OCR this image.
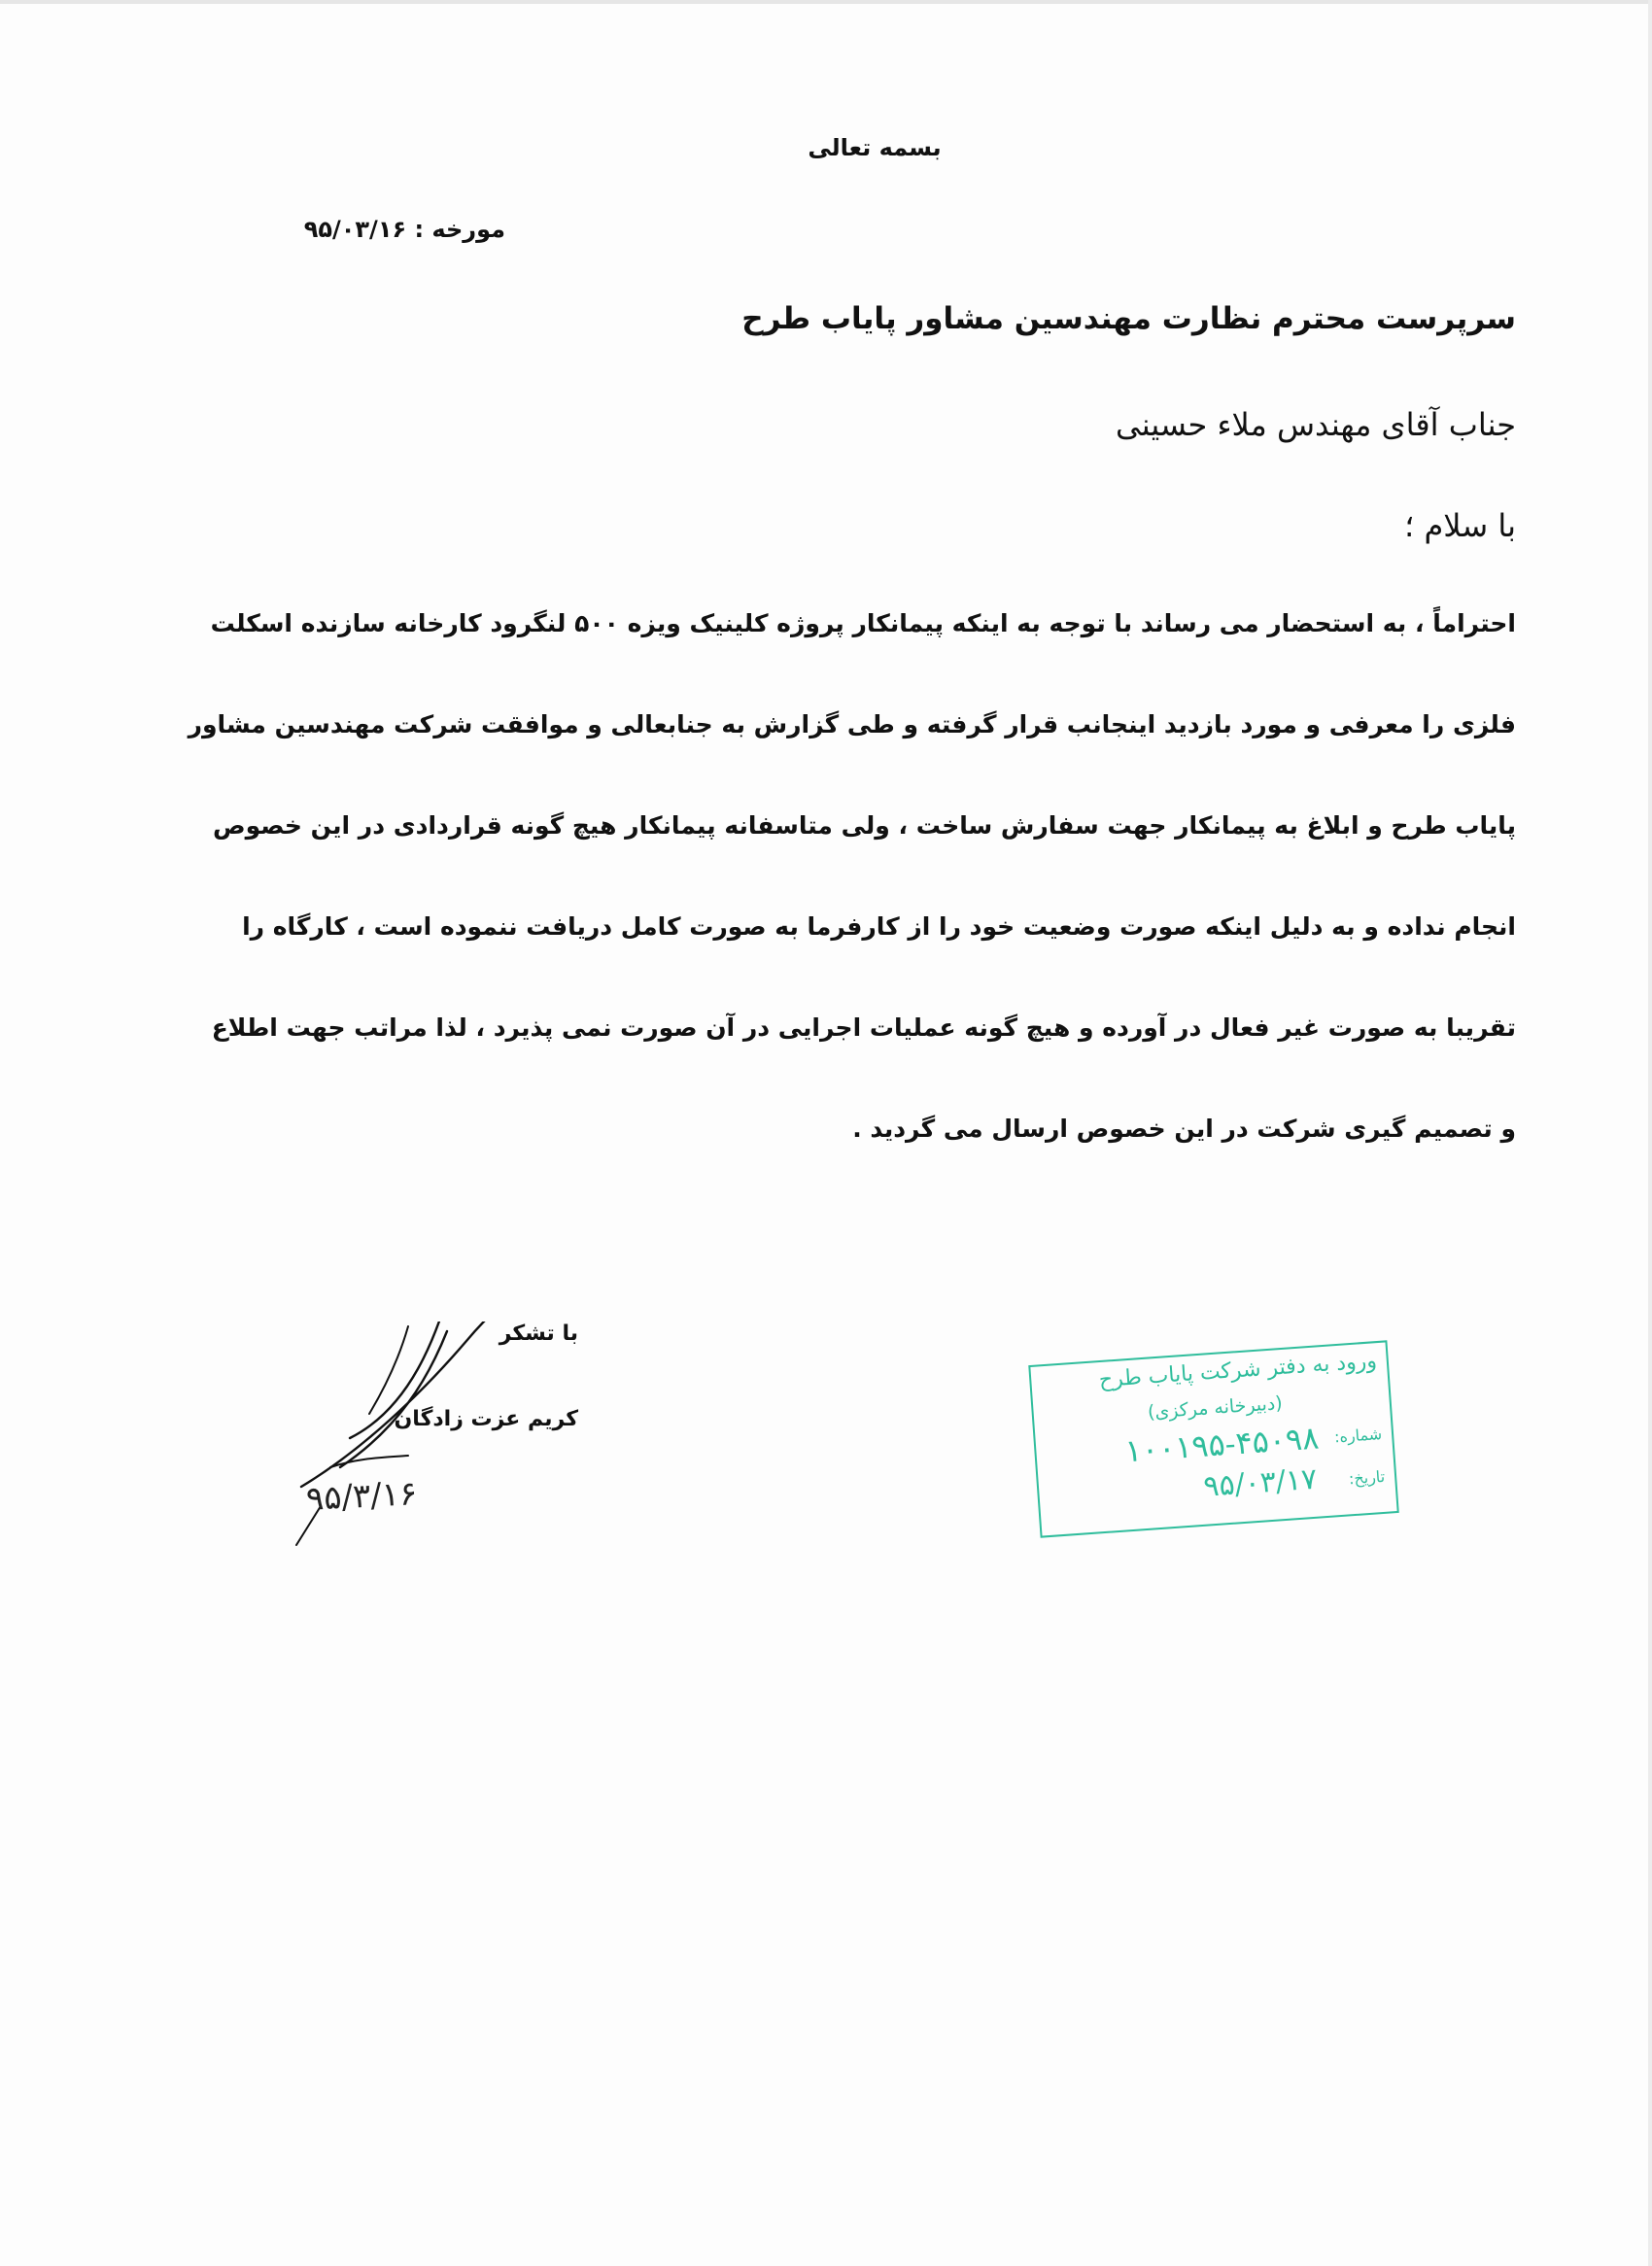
بسمه تعالی
مورخه : ۹۵/۰۳/۱۶
سرپرست محترم نظارت مهندسین مشاور پایاب طرح
جناب آقای مهندس ملاء حسینی
با سلام ؛
احتراماً ، به استحضار می رساند با توجه به اینکه پیمانکار پروژه کلینیک ویزه ۵۰۰ لنگرود کارخانه سازنده اسکلت
فلزی را معرفی و مورد بازدید اینجانب قرار گرفته و طی گزارش به جنابعالی و موافقت شرکت مهندسین مشاور
پایاب طرح و ابلاغ به پیمانکار جهت سفارش ساخت ، ولی متاسفانه پیمانکار هیچ گونه قراردادی در این خصوص
انجام نداده و به دلیل اینکه صورت وضعیت خود را از کارفرما به صورت کامل دریافت ننموده است ، کارگاه را
تقریبا به صورت غیر فعال در آورده و هیچ گونه عملیات اجرایی در آن صورت نمی پذیرد ، لذا مراتب جهت اطلاع
و تصمیم گیری شرکت در این خصوص ارسال می گردید .
با تشکر
کریم عزت زادگان
۹۵/۳/۱۶
ورود به دفتر شرکت پایاب طرح
(دبیرخانه مرکزی)
شماره:
۱۰۰۱۹۵-۴۵۰۹۸
تاریخ:
۹۵/۰۳/۱۷
